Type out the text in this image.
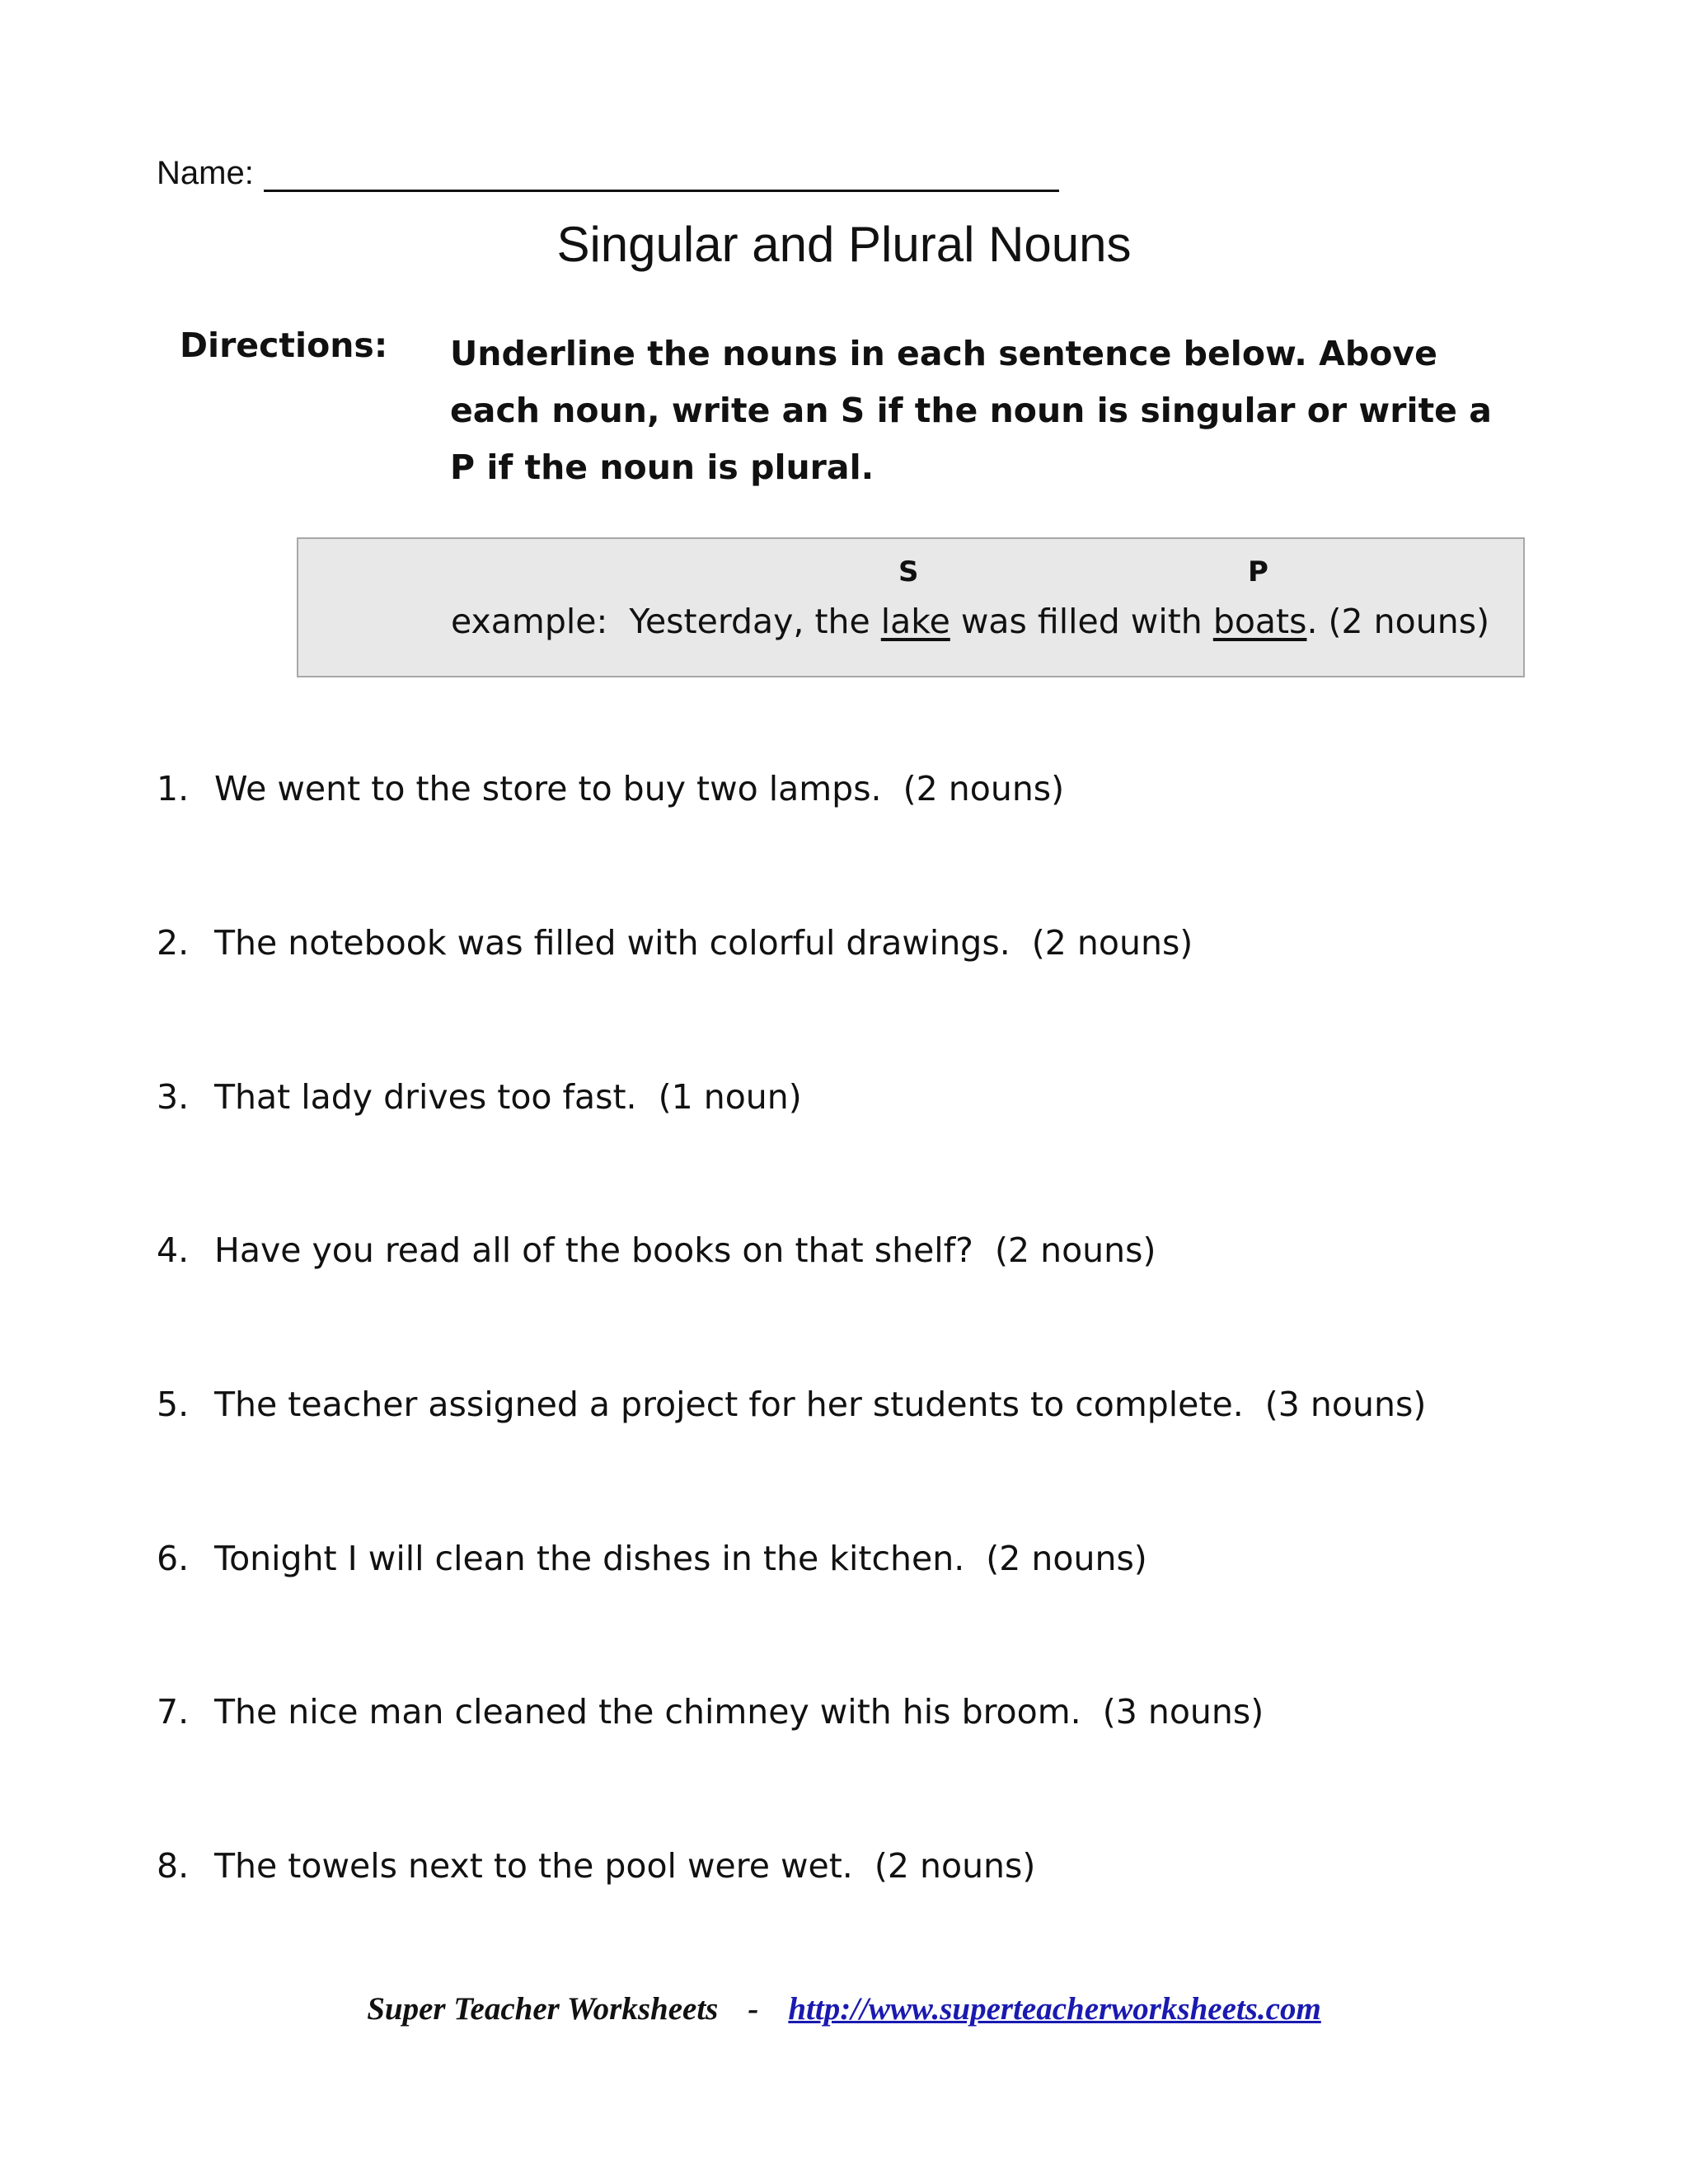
Name:
Singular and Plural Nouns
Directions: Underline the nouns in each sentence below. Above each noun, write an S if the noun is singular or write a P if the noun is plural.
S	P
example:  Yesterday, the lake was filled with boats. (2 nouns)
1. We went to the store to buy two lamps.  (2 nouns)
2. The notebook was filled with colorful drawings.  (2 nouns)
3. That lady drives too fast.  (1 noun)
4. Have you read all of the books on that shelf?  (2 nouns)
5. The teacher assigned a project for her students to complete.  (3 nouns)
6. Tonight I will clean the dishes in the kitchen.  (2 nouns)
7. The nice man cleaned the chimney with his broom.  (3 nouns)
8. The towels next to the pool were wet.  (2 nouns)
Super Teacher Worksheets - http://www.superteacherworksheets.com
